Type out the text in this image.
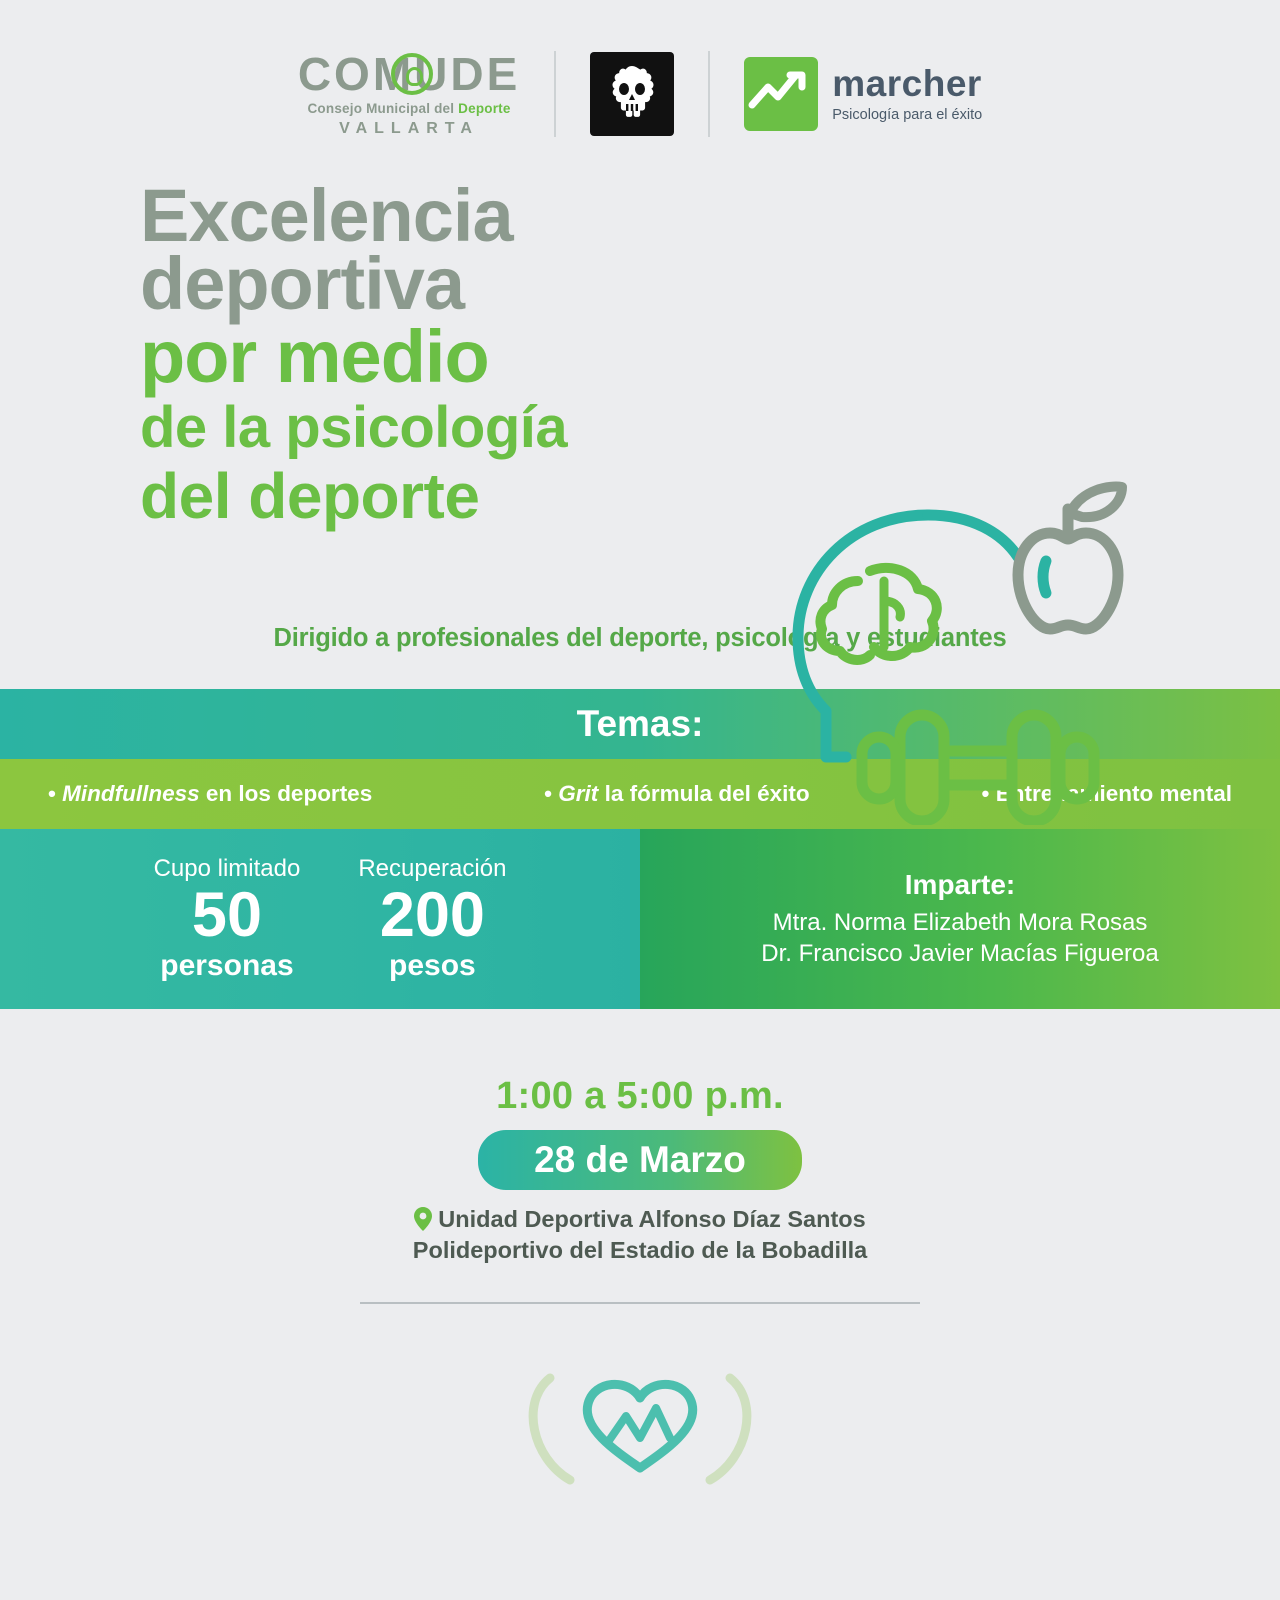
COMUDE
Consejo Municipal del Deporte
VALLARTA
marcher
Psicología para el éxito
Excelencia
deportiva
por medio
de la psicología
del deporte
Dirigido a profesionales del deporte, psicología y estudiantes
Temas:
• Mindfullness en los deportes	• Grit la fórmula del éxito	• Entrenamiento mental
Cupo limitado
50
personas
Recuperación
200
pesos
Imparte:
Mtra. Norma Elizabeth Mora Rosas
Dr. Francisco Javier Macías Figueroa
1:00 a 5:00 p.m.
28 de Marzo
Unidad Deportiva Alfonso Díaz Santos
Polideportivo del Estadio de la Bobadilla
